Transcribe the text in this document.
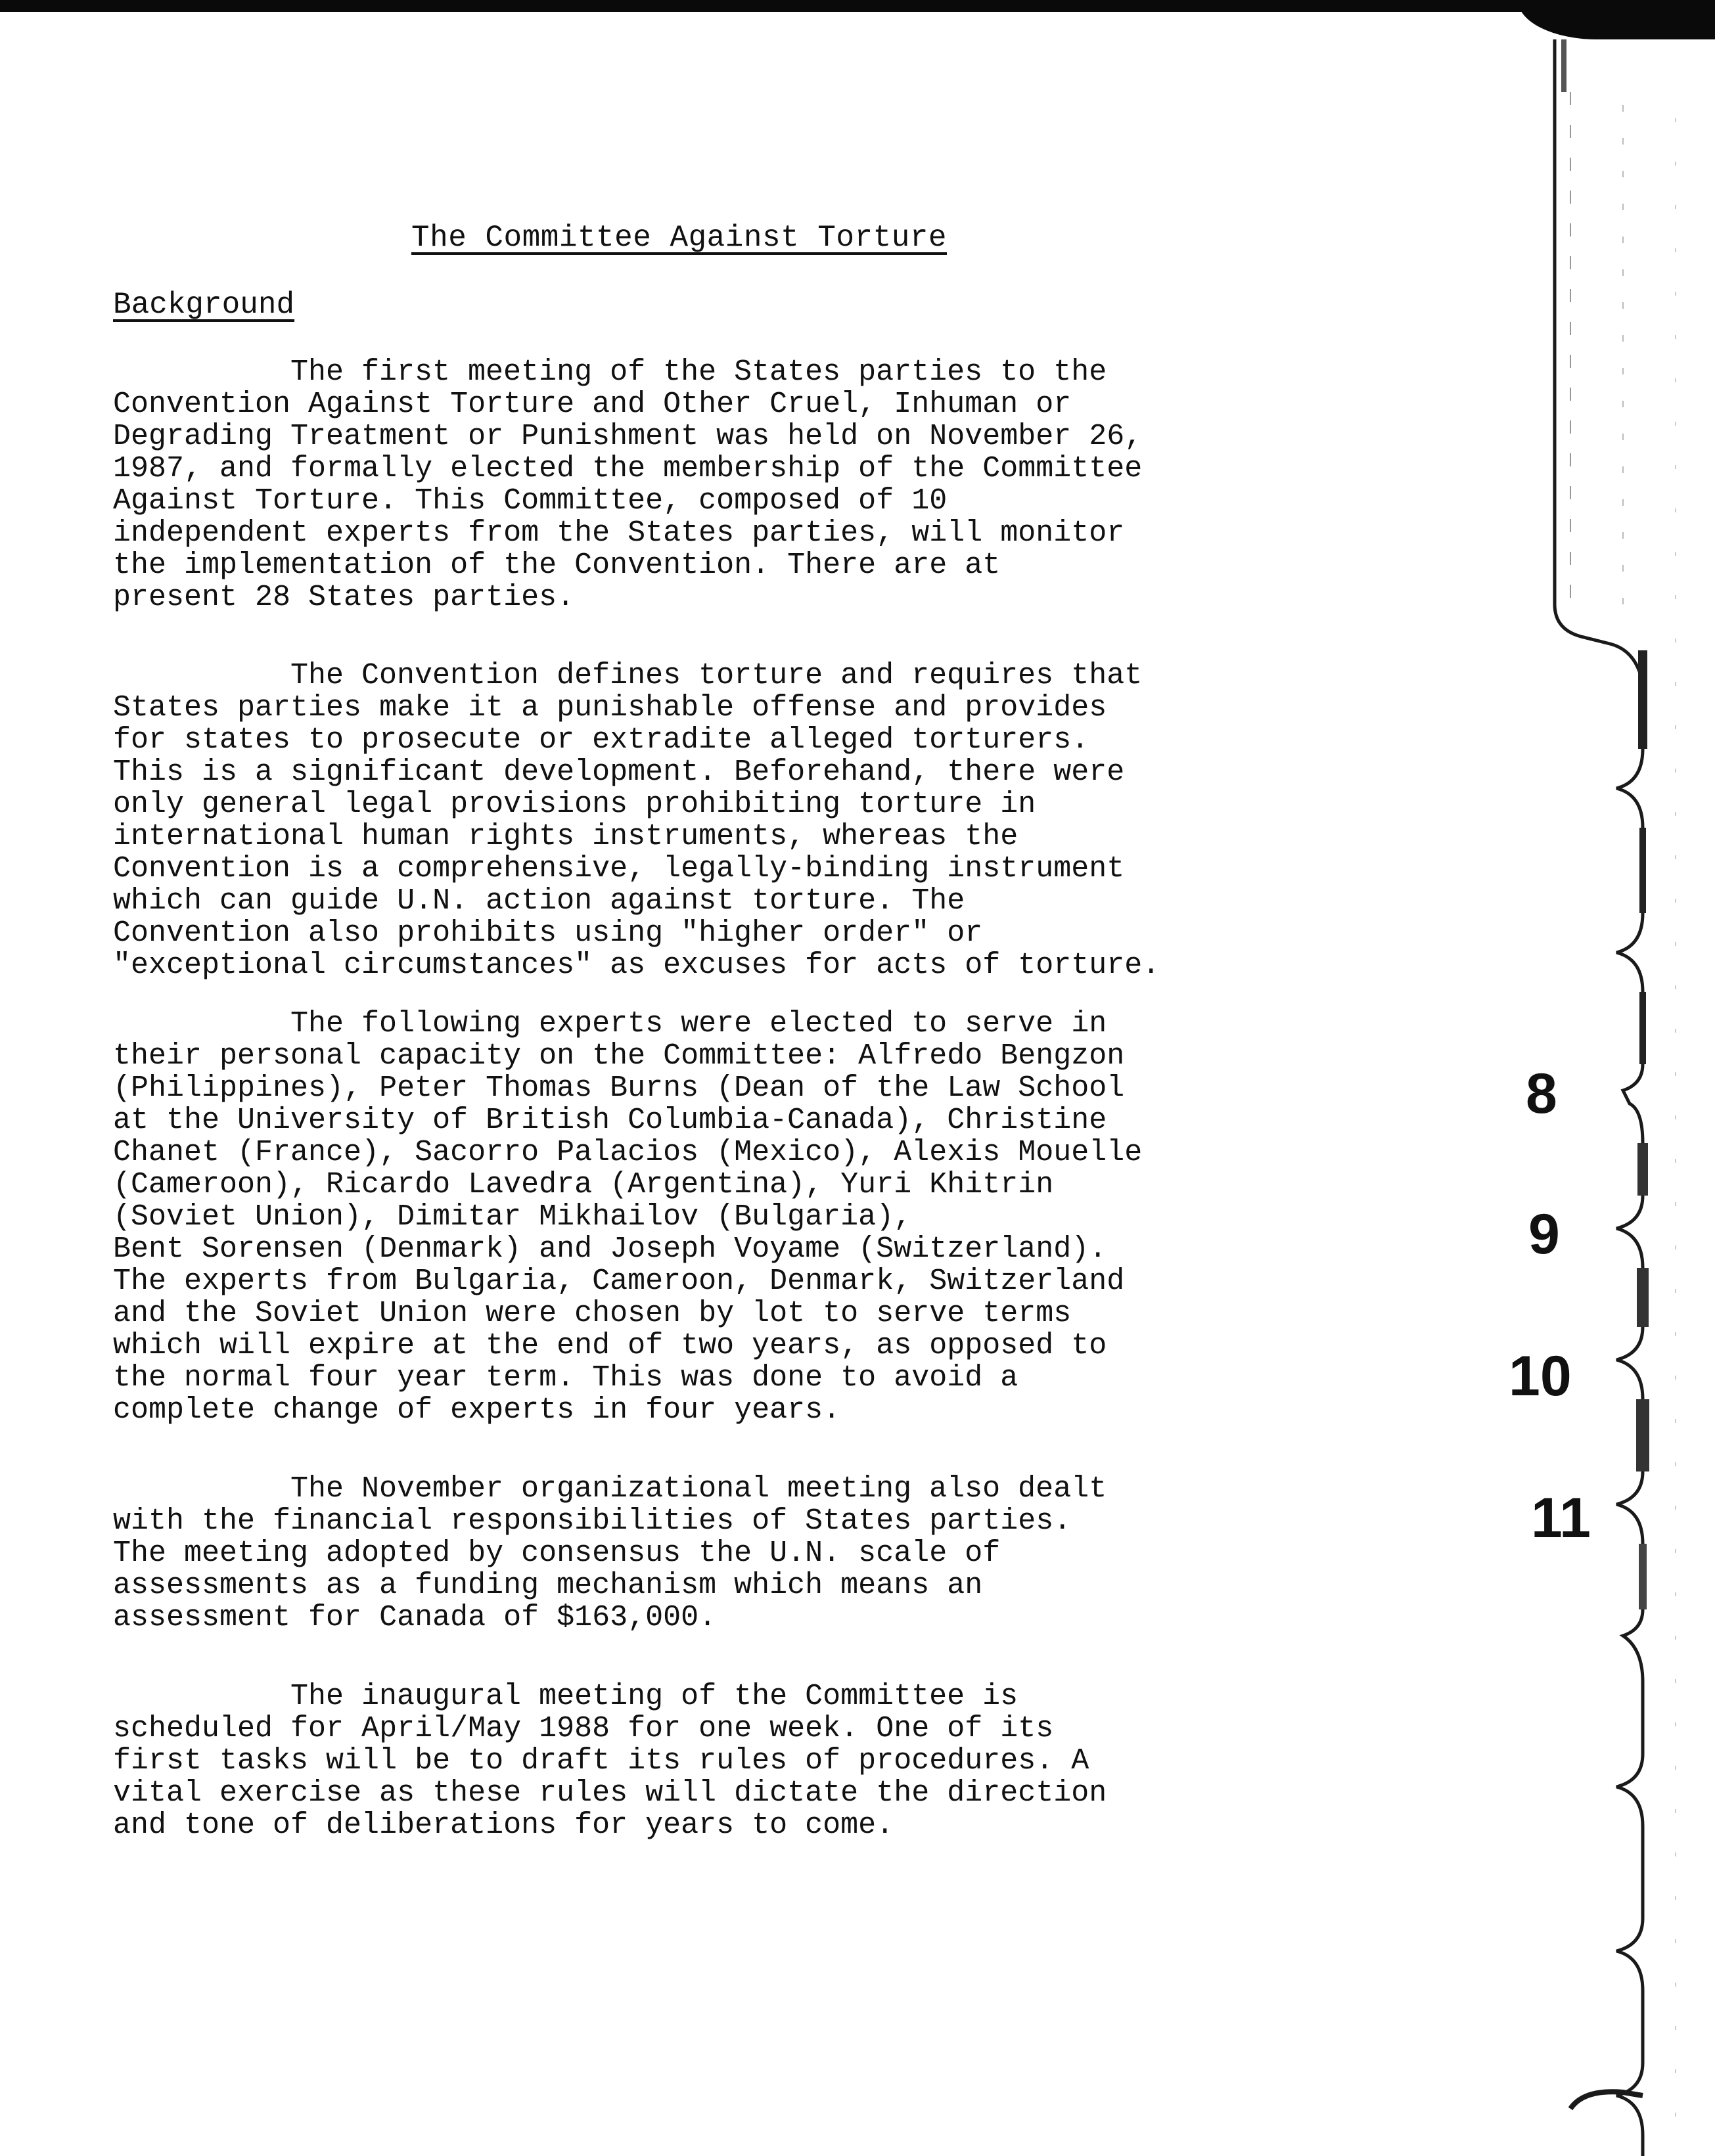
The Committee Against Torture
Background
The first meeting of the States parties to the
Convention Against Torture and Other Cruel, Inhuman or
Degrading Treatment or Punishment was held on November 26,
1987, and formally elected the membership of the Committee
Against Torture. This Committee, composed of 10
independent experts from the States parties, will monitor
the implementation of the Convention. There are at
present 28 States parties.
The Convention defines torture and requires that
States parties make it a punishable offense and provides
for states to prosecute or extradite alleged torturers.
This is a significant development. Beforehand, there were
only general legal provisions prohibiting torture in
international human rights instruments, whereas the
Convention is a comprehensive, legally-binding instrument
which can guide U.N. action against torture. The
Convention also prohibits using "higher order" or
"exceptional circumstances" as excuses for acts of torture.
The following experts were elected to serve in
their personal capacity on the Committee: Alfredo Bengzon
(Philippines), Peter Thomas Burns (Dean of the Law School
at the University of British Columbia-Canada), Christine
Chanet (France), Sacorro Palacios (Mexico), Alexis Mouelle
(Cameroon), Ricardo Lavedra (Argentina), Yuri Khitrin
(Soviet Union), Dimitar Mikhailov (Bulgaria),
Bent Sorensen (Denmark) and Joseph Voyame (Switzerland).
The experts from Bulgaria, Cameroon, Denmark, Switzerland
and the Soviet Union were chosen by lot to serve terms
which will expire at the end of two years, as opposed to
the normal four year term. This was done to avoid a
complete change of experts in four years.
The November organizational meeting also dealt
with the financial responsibilities of States parties.
The meeting adopted by consensus the U.N. scale of
assessments as a funding mechanism which means an
assessment for Canada of $163,000.
The inaugural meeting of the Committee is
scheduled for April/May 1988 for one week. One of its
first tasks will be to draft its rules of procedures. A
vital exercise as these rules will dictate the direction
and tone of deliberations for years to come.
8
9
10
11
